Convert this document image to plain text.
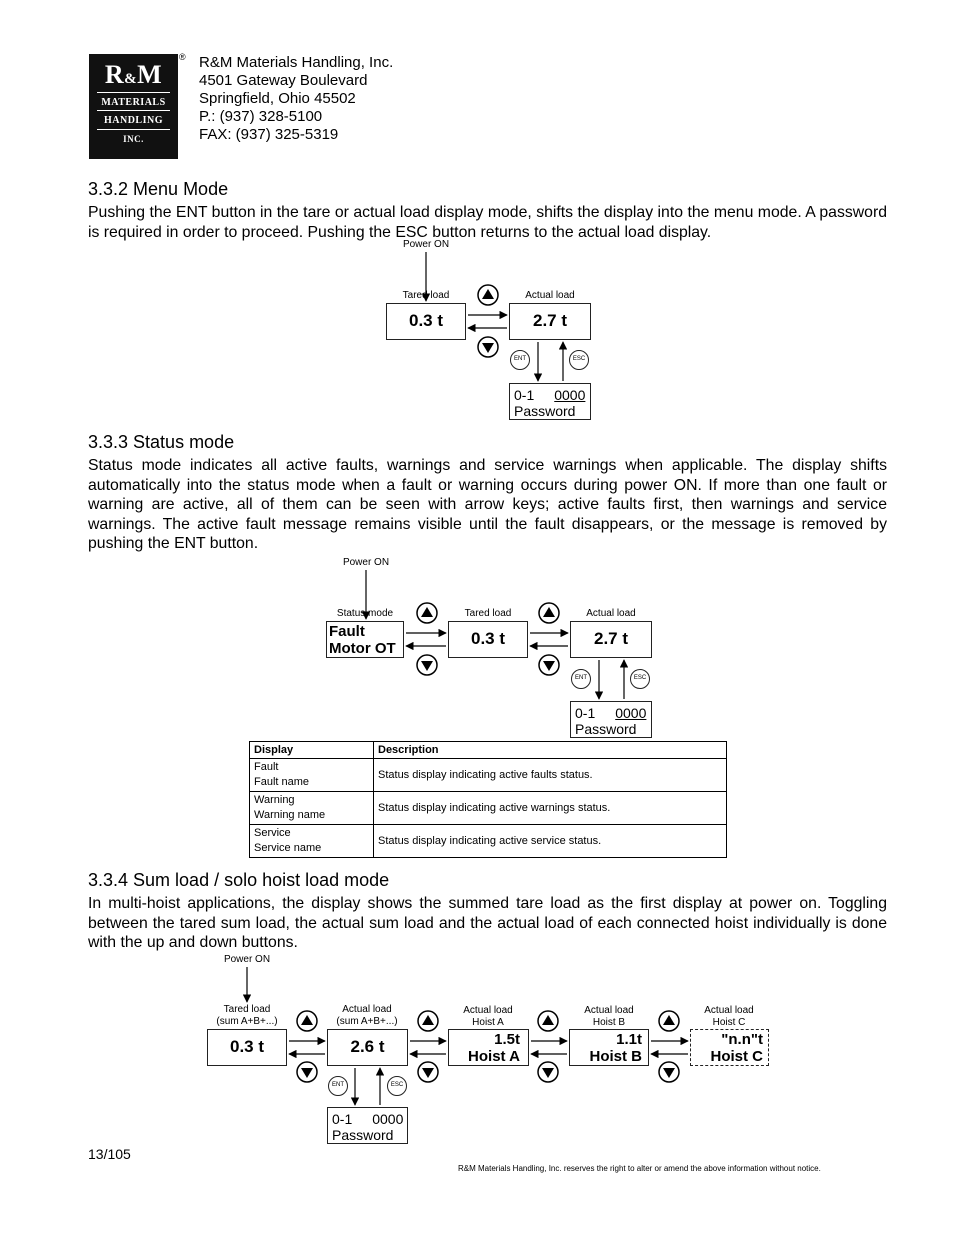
R&M
MATERIALS
HANDLING
INC.
® R&M Materials Handling, Inc.
4501 Gateway Boulevard
Springfield, Ohio 45502
P.: (937) 328-5100
FAX: (937) 325-5319
3.3.2 Menu Mode
Pushing the ENT button in the tare or actual load display mode, shifts the display into the menu mode. A password is required in order to proceed. Pushing the ESC button returns to the actual load display.
Power ON
Tared load	Actual load
0.3 t	2.7 t
ENT	ESC
0-1 0000
Password
3.3.3 Status mode
Status mode indicates all active faults, warnings and service warnings when applicable. The display shifts automatically into the status mode when a fault or warning occurs during power ON. If more than one fault or warning are active, all of them can be seen with arrow keys; active faults first, then warnings and service warnings. The active fault message remains visible until the fault disappears, or the message is removed by pushing the ENT button.
Power ON
Status mode	Tared load	Actual load
Fault
Motor OT
0.3 t	2.7 t
ENT	ESC
0-1 0000
Password
Display	Description

Fault
Fault name	Status display indicating active faults status.

Warning
Warning name	Status display indicating active warnings status.

Service
Service name	Status display indicating active service status.
3.3.4 Sum load / solo hoist load mode
In multi-hoist applications, the display shows the summed tare load as the first display at power on. Toggling between the tared sum load, the actual sum load and the actual load of each connected hoist individually is done with the up and down buttons.
Power ON
Tared load
(sum A+B+...)
Actual load
(sum A+B+...)
Actual load
Hoist A
Actual load
Hoist B
Actual load
Hoist C
0.3 t	2.6 t	1.5t
Hoist A
1.1t
Hoist B
"n.n"t
Hoist C
ENT	ESC
0-1 0000
Password
13/105
R&M Materials Handling, Inc. reserves the right to alter or amend the above information without notice.
